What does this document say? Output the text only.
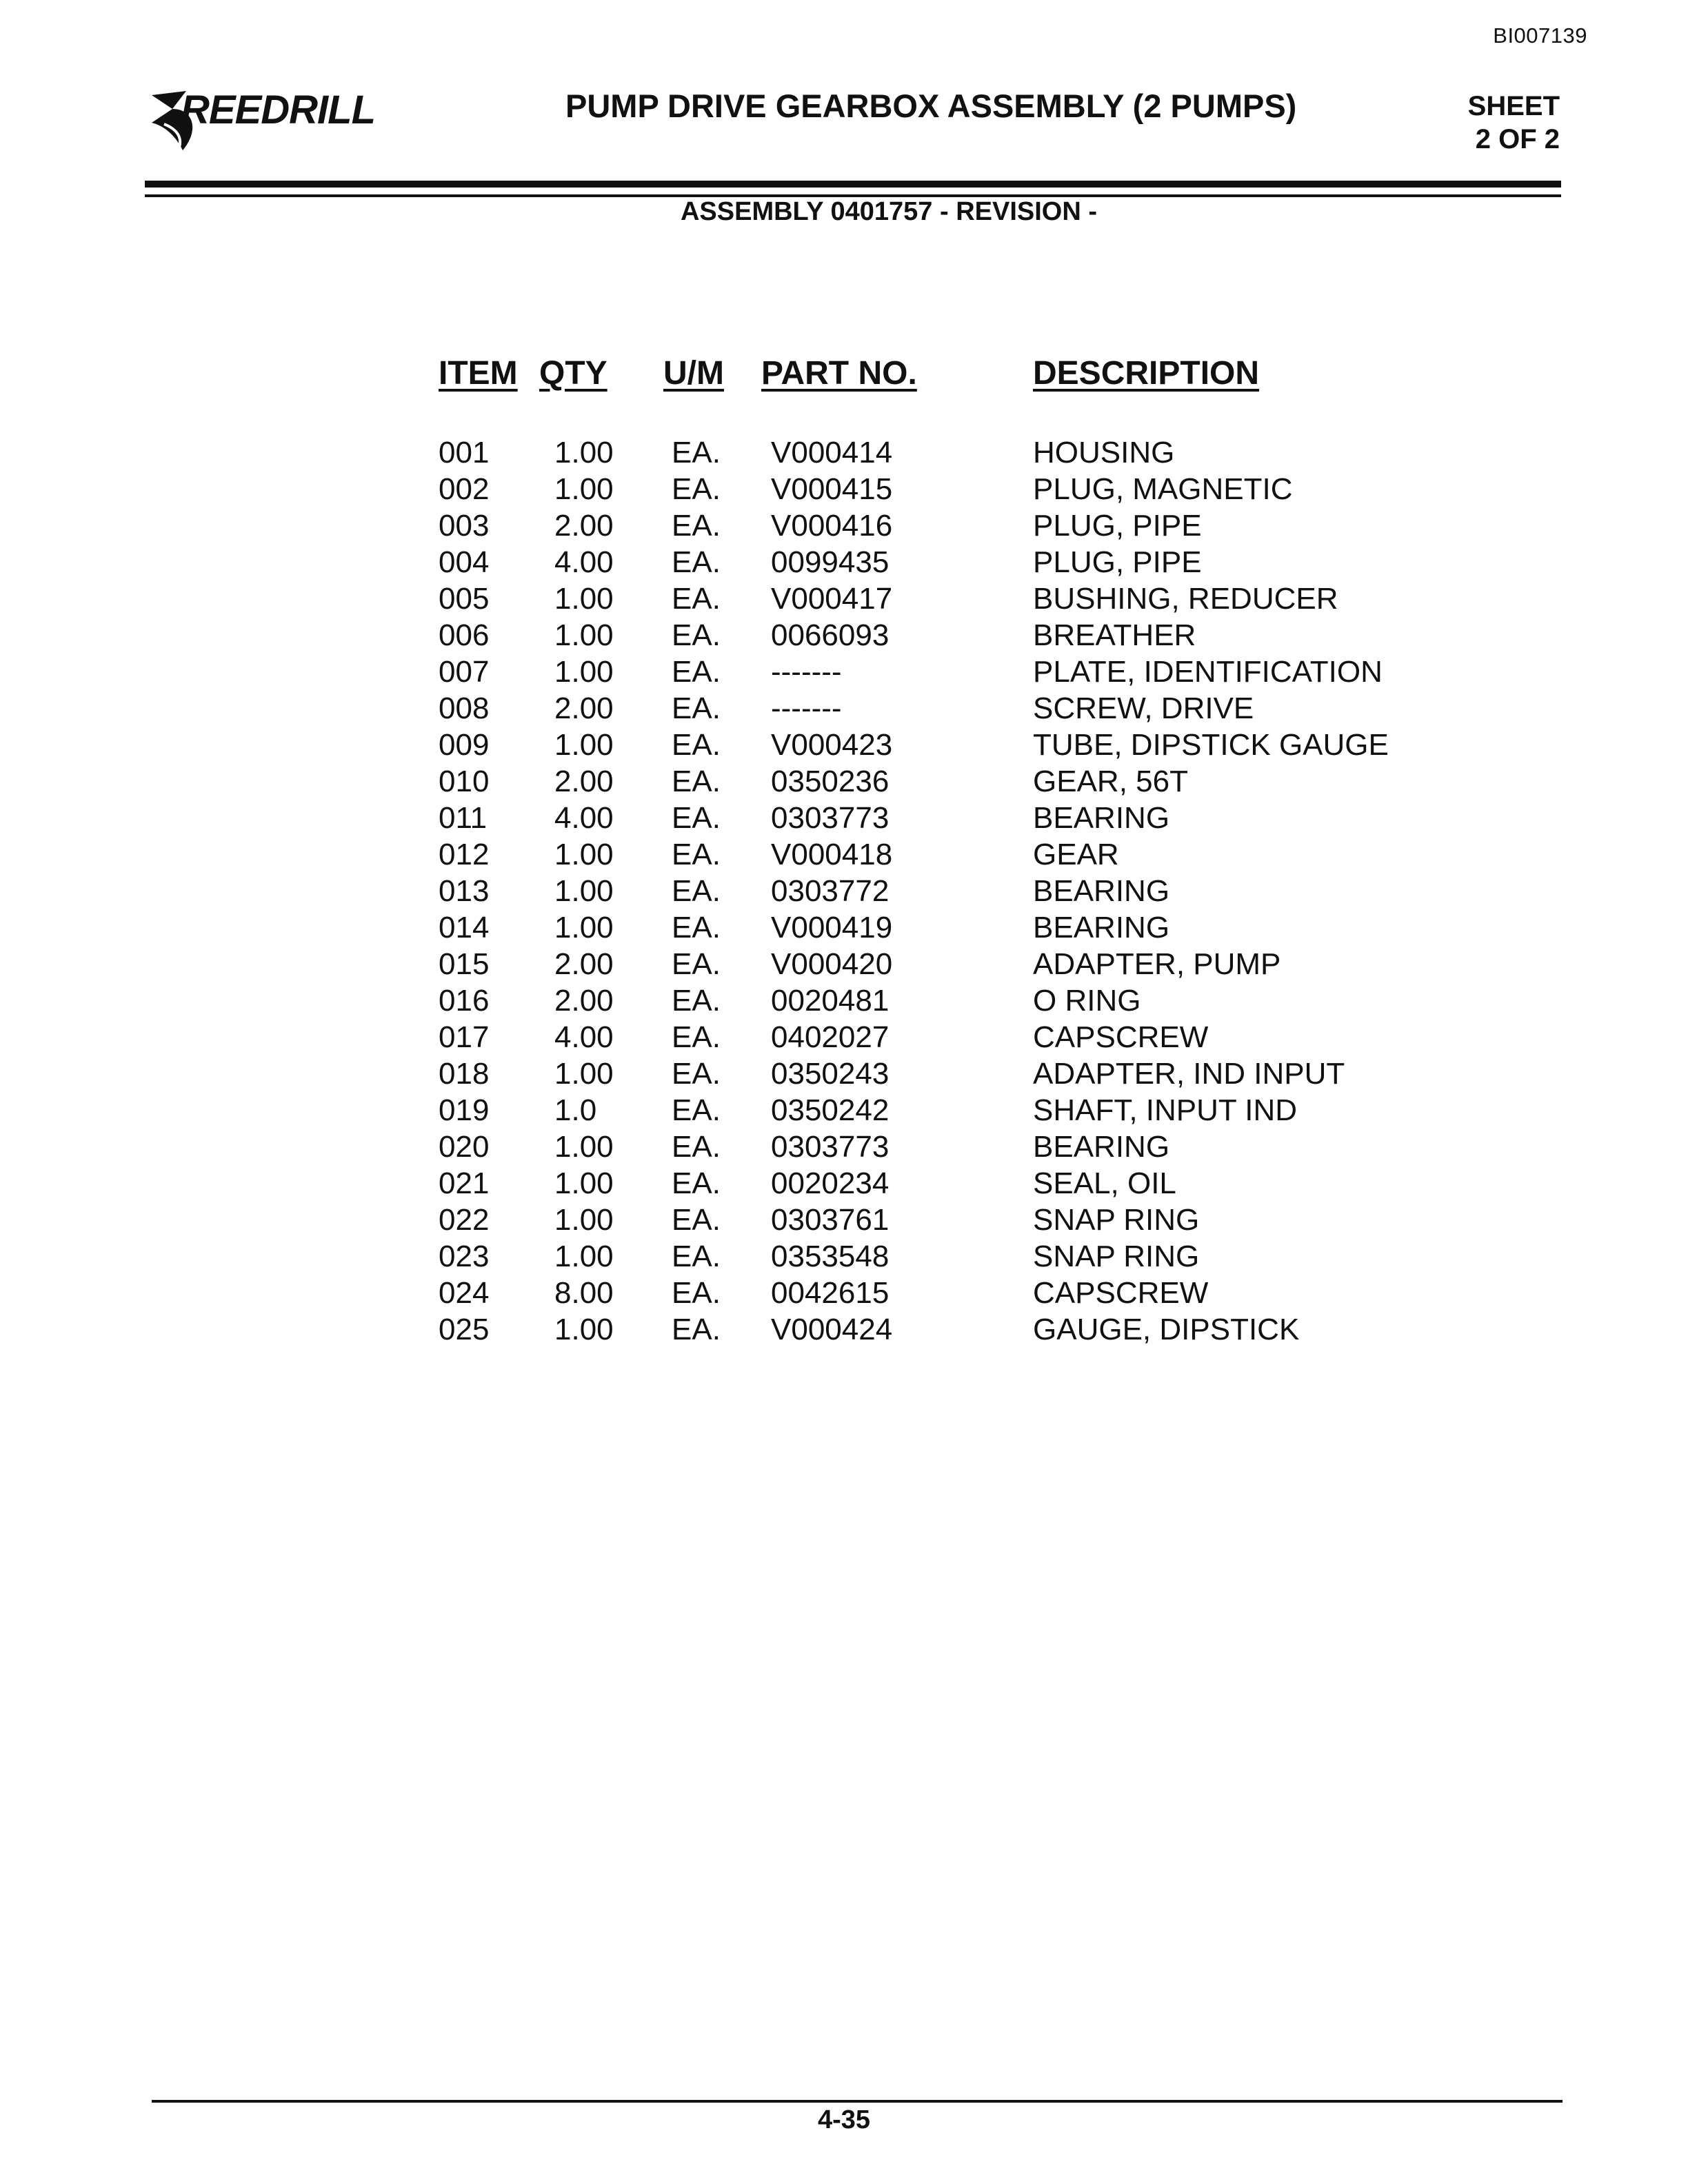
BI007139
REEDRILL	PUMP DRIVE GEARBOX ASSEMBLY (2 PUMPS)	SHEET
2 OF 2
ASSEMBLY 0401757 - REVISION -
ITEM QTY U/M PART NO.	DESCRIPTION
001 1.00 EA. V000414	HOUSING
002 1.00 EA. V000415	PLUG, MAGNETIC
003 2.00 EA. V000416	PLUG, PIPE
004 4.00 EA. 0099435	PLUG, PIPE
005 1.00 EA. V000417	BUSHING, REDUCER
006 1.00 EA. 0066093	BREATHER
007 1.00 EA. -------	PLATE, IDENTIFICATION
008 2.00 EA. -------	SCREW, DRIVE
009 1.00 EA. V000423	TUBE, DIPSTICK GAUGE
010 2.00 EA. 0350236	GEAR, 56T
011 4.00 EA. 0303773	BEARING
012 1.00 EA. V000418	GEAR
013 1.00 EA. 0303772	BEARING
014 1.00 EA. V000419	BEARING
015 2.00 EA. V000420	ADAPTER, PUMP
016 2.00 EA. 0020481	O RING
017 4.00 EA. 0402027	CAPSCREW
018 1.00 EA. 0350243	ADAPTER, IND INPUT
019 1.0 EA. 0350242	SHAFT, INPUT IND
020 1.00 EA. 0303773	BEARING
021 1.00 EA. 0020234	SEAL, OIL
022 1.00 EA. 0303761	SNAP RING
023 1.00 EA. 0353548	SNAP RING
024 8.00 EA. 0042615	CAPSCREW
025 1.00 EA. V000424	GAUGE, DIPSTICK
4-35
